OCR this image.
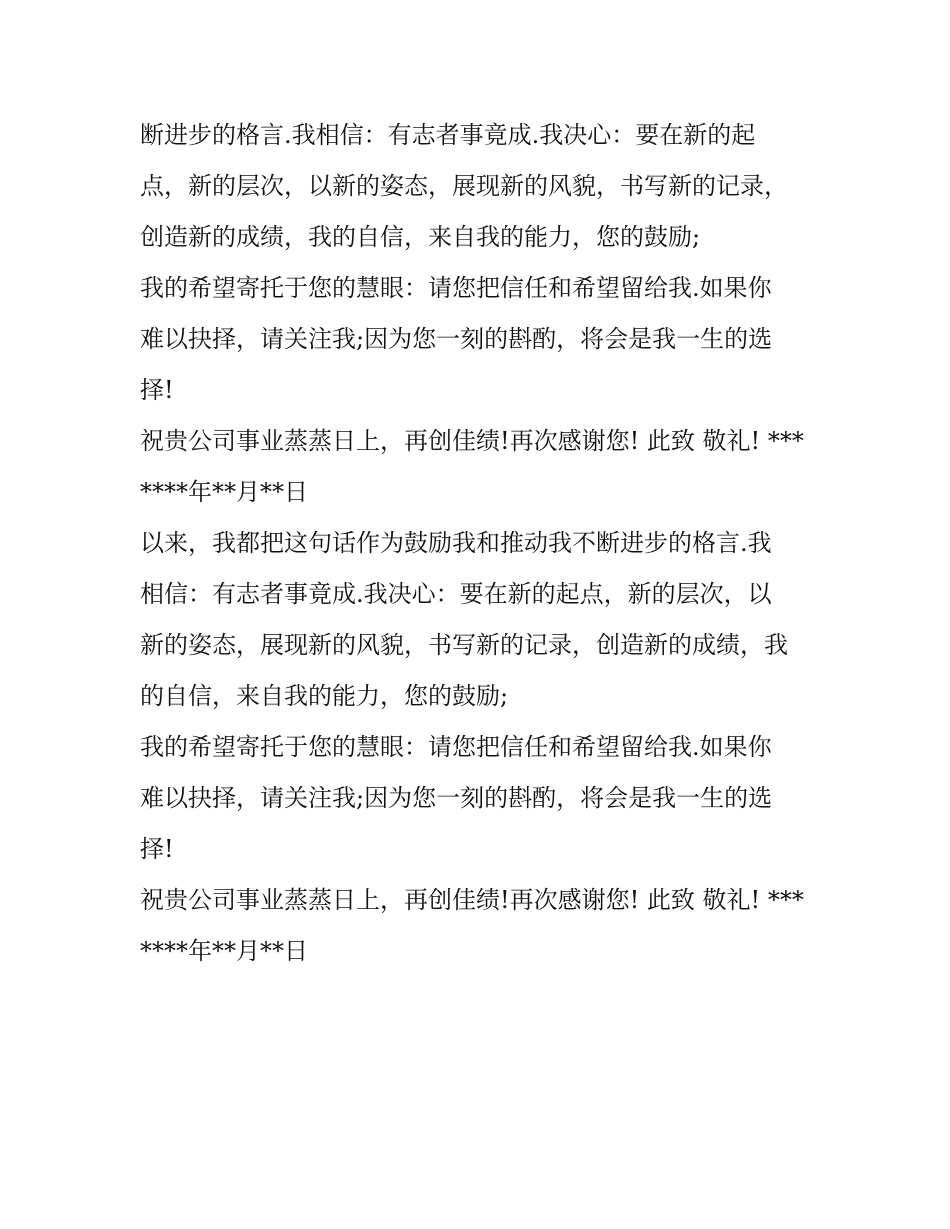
断进步的格言.我相信：有志者事竟成.我决心：要在新的起
点，新的层次，以新的姿态，展现新的风貌，书写新的记录，
创造新的成绩，我的自信，来自我的能力，您的鼓励;
我的希望寄托于您的慧眼：请您把信任和希望留给我.如果你
难以抉择，请关注我;因为您一刻的斟酌，将会是我一生的选
择!
祝贵公司事业蒸蒸日上，再创佳绩!再次感谢您! 此致 敬礼! ***
****年**月**日
以来，我都把这句话作为鼓励我和推动我不断进步的格言.我
相信：有志者事竟成.我决心：要在新的起点，新的层次，以
新的姿态，展现新的风貌，书写新的记录，创造新的成绩，我
的自信，来自我的能力，您的鼓励;
我的希望寄托于您的慧眼：请您把信任和希望留给我.如果你
难以抉择，请关注我;因为您一刻的斟酌，将会是我一生的选
择!
祝贵公司事业蒸蒸日上，再创佳绩!再次感谢您! 此致 敬礼! ***
****年**月**日
